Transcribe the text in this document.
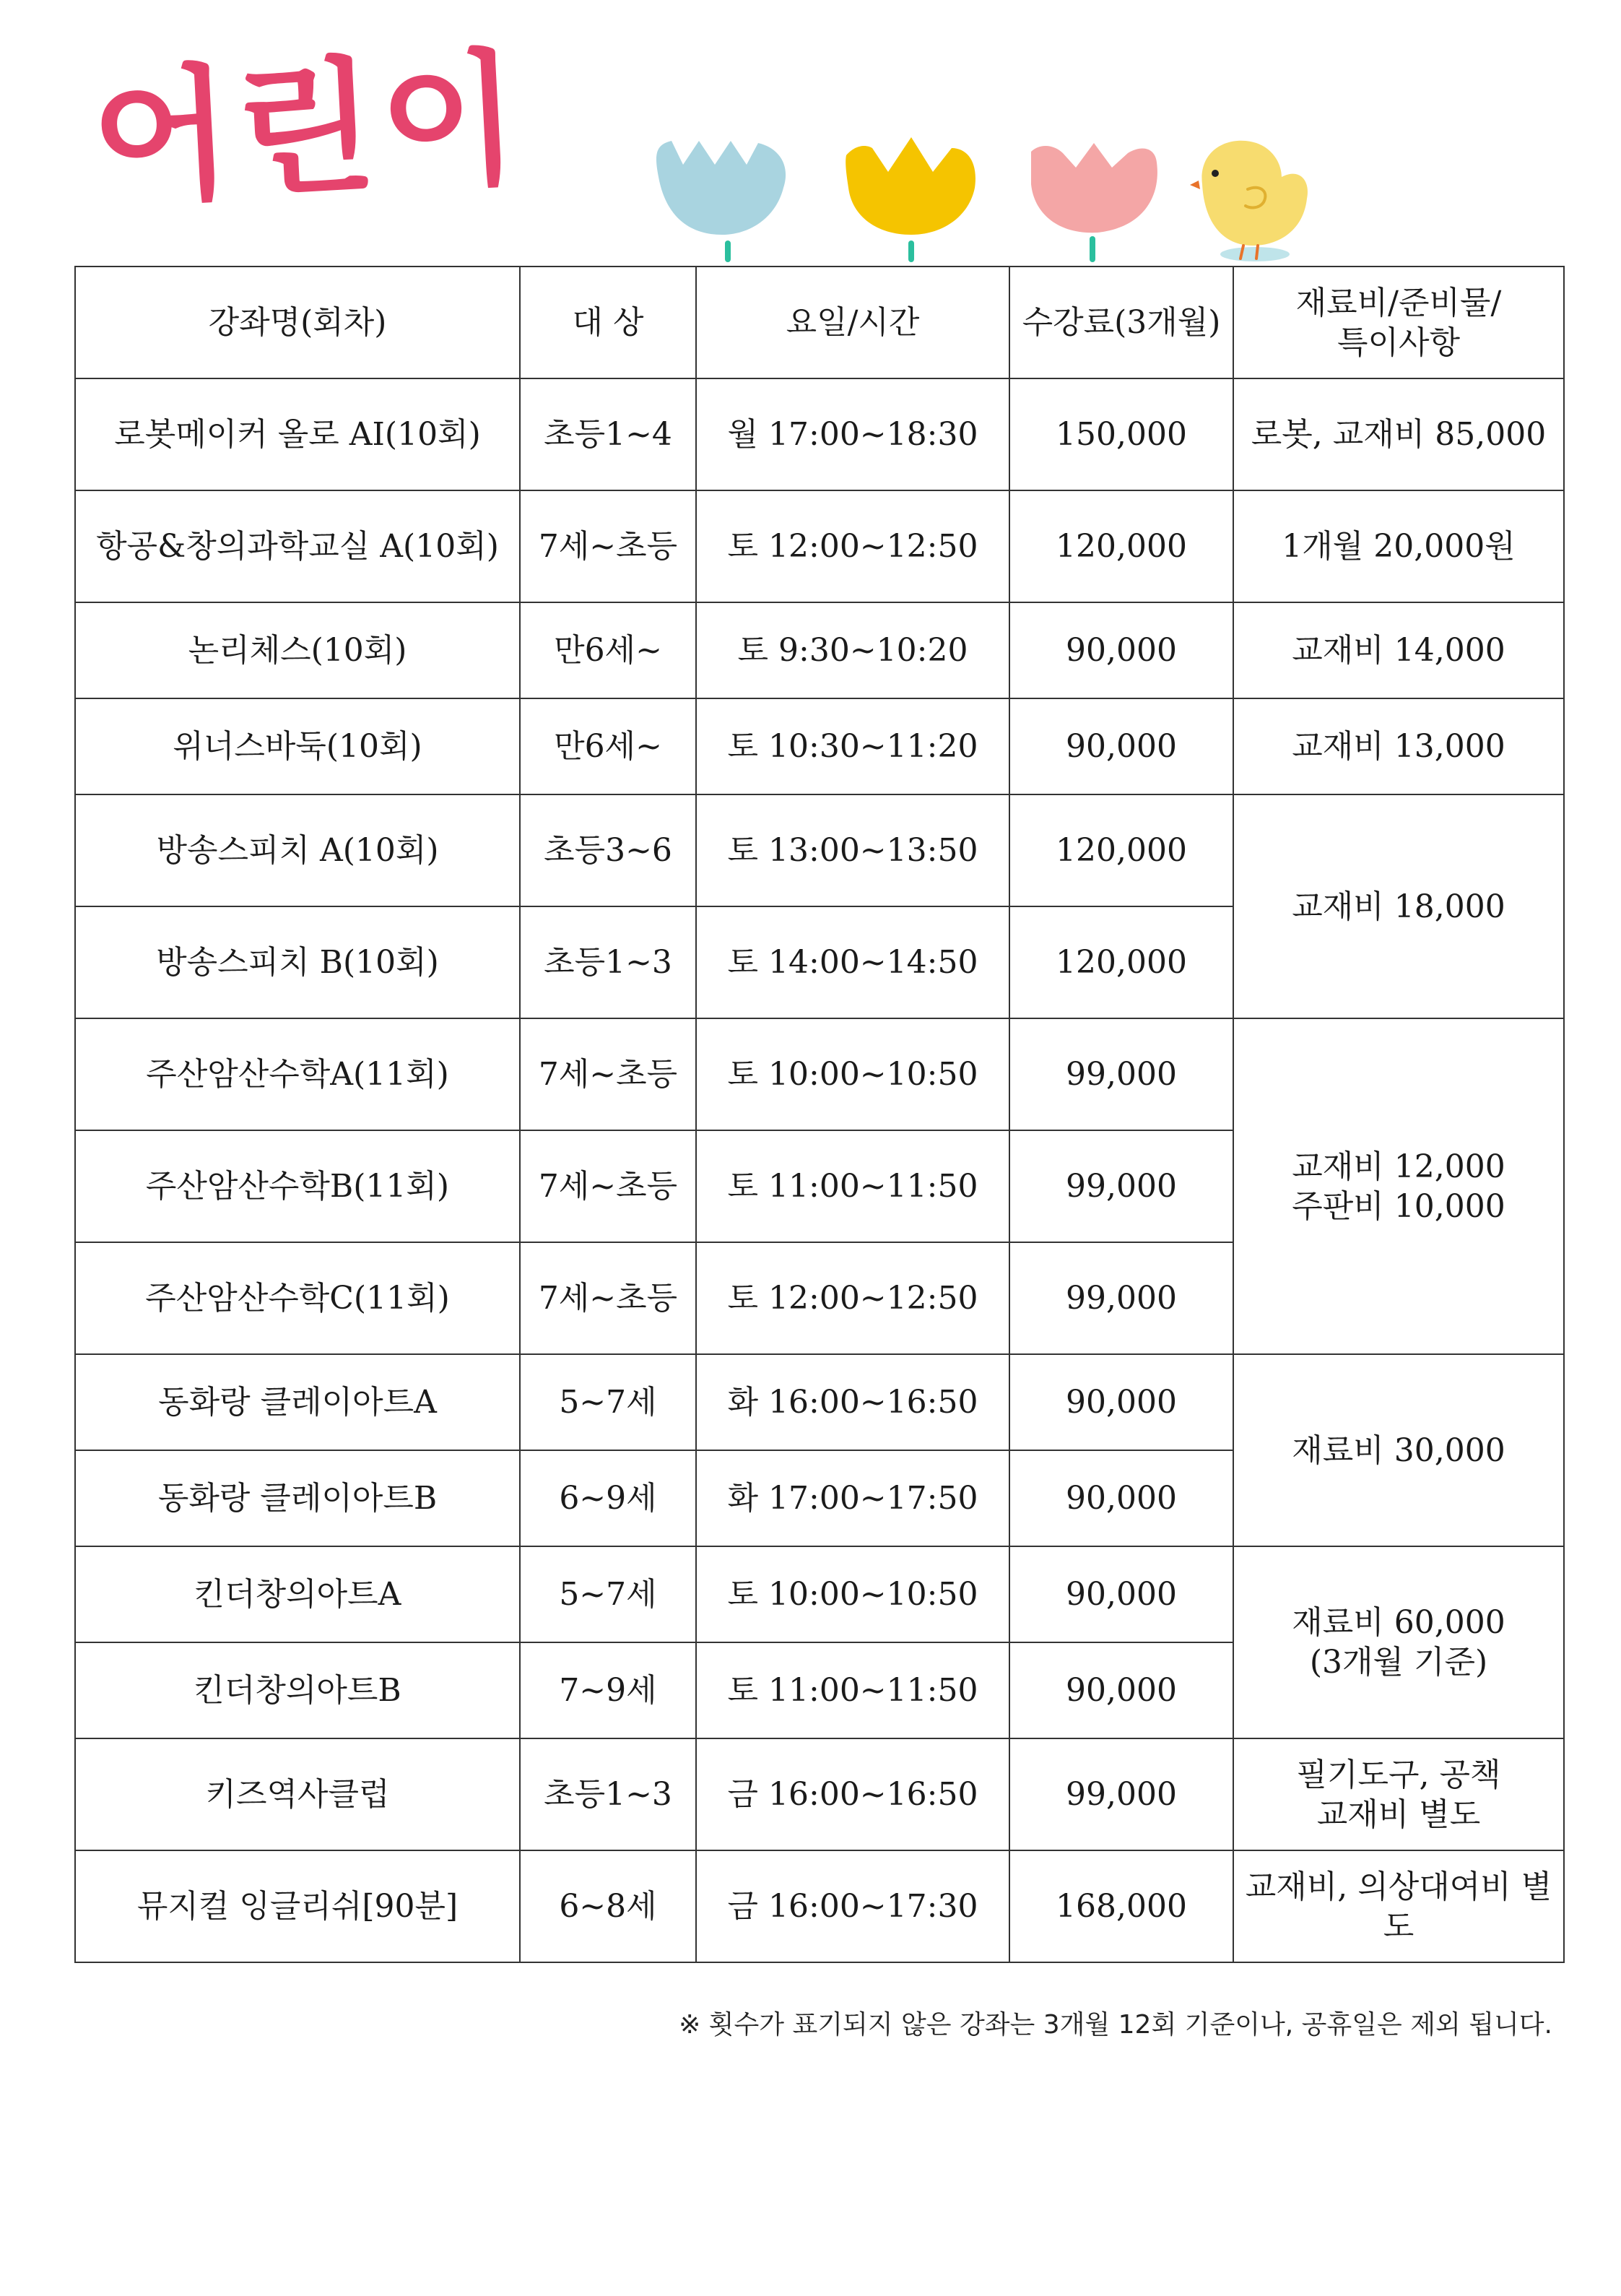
어린이
강좌명(회차)	대 상	요일/시간	수강료(3개월)	재료비/준비물/
특이사항
로봇메이커 올로 AI(10회)	초등1~4	월 17:00~18:30	150,000	로봇, 교재비 85,000
항공&창의과학교실 A(10회)	7세~초등	토 12:00~12:50	120,000	1개월 20,000원
논리체스(10회)	만6세~	토 9:30~10:20	90,000	교재비 14,000
위너스바둑(10회)	만6세~	토 10:30~11:20	90,000	교재비 13,000
방송스피치 A(10회)	초등3~6	토 13:00~13:50	120,000	교재비 18,000
방송스피치 B(10회)	초등1~3	토 14:00~14:50	120,000	
주산암산수학A(11회)	7세~초등	토 10:00~10:50	99,000	교재비 12,000
주판비 10,000
주산암산수학B(11회)	7세~초등	토 11:00~11:50	99,000	
주산암산수학C(11회)	7세~초등	토 12:00~12:50	99,000	
동화랑 클레이아트A	5~7세	화 16:00~16:50	90,000	재료비 30,000
동화랑 클레이아트B	6~9세	화 17:00~17:50	90,000	
킨더창의아트A	5~7세	토 10:00~10:50	90,000	재료비 60,000
(3개월 기준)
킨더창의아트B	7~9세	토 11:00~11:50	90,000	
키즈역사클럽	초등1~3	금 16:00~16:50	99,000	필기도구, 공책
교재비 별도
뮤지컬 잉글리쉬[90분]	6~8세	금 16:00~17:30	168,000	교재비, 의상대여비 별
도
※ 횟수가 표기되지 않은 강좌는 3개월 12회 기준이나, 공휴일은 제외 됩니다.
